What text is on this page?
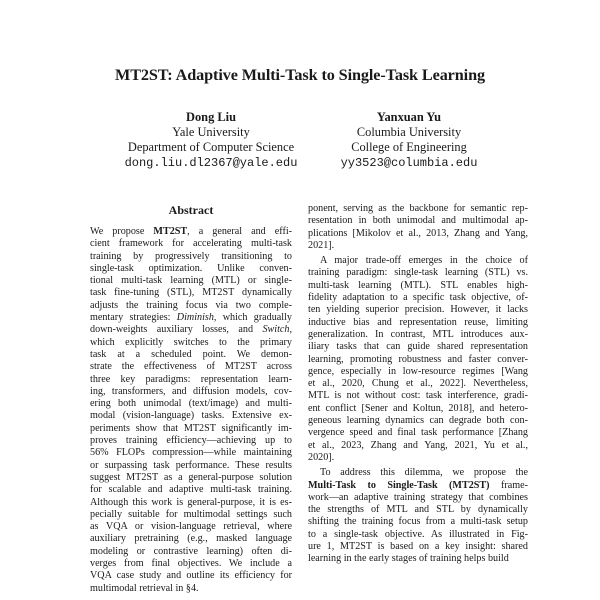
MT2ST: Adaptive Multi-Task to Single-Task Learning
Dong Liu
Yale University
Department of Computer Science
dong.liu.dl2367@yale.edu
Yanxuan Yu
Columbia University
College of Engineering
yy3523@columbia.edu
Abstract
We propose MT2ST, a general and effi-
cient framework for accelerating multi-task
training by progressively transitioning to
single-task optimization. Unlike conven-
tional multi-task learning (MTL) or single-
task fine-tuning (STL), MT2ST dynamically
adjusts the training focus via two comple-
mentary strategies: Diminish, which gradually
down-weights auxiliary losses, and Switch,
which explicitly switches to the primary
task at a scheduled point. We demon-
strate the effectiveness of MT2ST across
three key paradigms: representation learn-
ing, transformers, and diffusion models, cov-
ering both unimodal (text/image) and multi-
modal (vision-language) tasks. Extensive ex-
periments show that MT2ST significantly im-
proves training efficiency—achieving up to
56% FLOPs compression—while maintaining
or surpassing task performance. These results
suggest MT2ST as a general-purpose solution
for scalable and adaptive multi-task training.
Although this work is general-purpose, it is es-
pecially suitable for multimodal settings such
as VQA or vision-language retrieval, where
auxiliary pretraining (e.g., masked language
modeling or contrastive learning) often di-
verges from final objectives. We include a
VQA case study and outline its efficiency for
multimodal retrieval in §4.

ponent, serving as the backbone for semantic rep-
resentation in both unimodal and multimodal ap-
plications [Mikolov et al., 2013, Zhang and Yang,
2021].

A major trade-off emerges in the choice of
training paradigm: single-task learning (STL) vs.
multi-task learning (MTL). STL enables high-
fidelity adaptation to a specific task objective, of-
ten yielding superior precision. However, it lacks
inductive bias and representation reuse, limiting
generalization. In contrast, MTL introduces aux-
iliary tasks that can guide shared representation
learning, promoting robustness and faster conver-
gence, especially in low-resource regimes [Wang
et al., 2020, Chung et al., 2022]. Nevertheless,
MTL is not without cost: task interference, gradi-
ent conflict [Sener and Koltun, 2018], and hetero-
geneous learning dynamics can degrade both con-
vergence speed and final task performance [Zhang
et al., 2023, Zhang and Yang, 2021, Yu et al.,
2020].

To address this dilemma, we propose the
Multi-Task to Single-Task (MT2ST) frame-
work—an adaptive training strategy that combines
the strengths of MTL and STL by dynamically
shifting the training focus from a multi-task setup
to a single-task objective. As illustrated in Fig-
ure 1, MT2ST is based on a key insight: shared
learning in the early stages of training helps build
